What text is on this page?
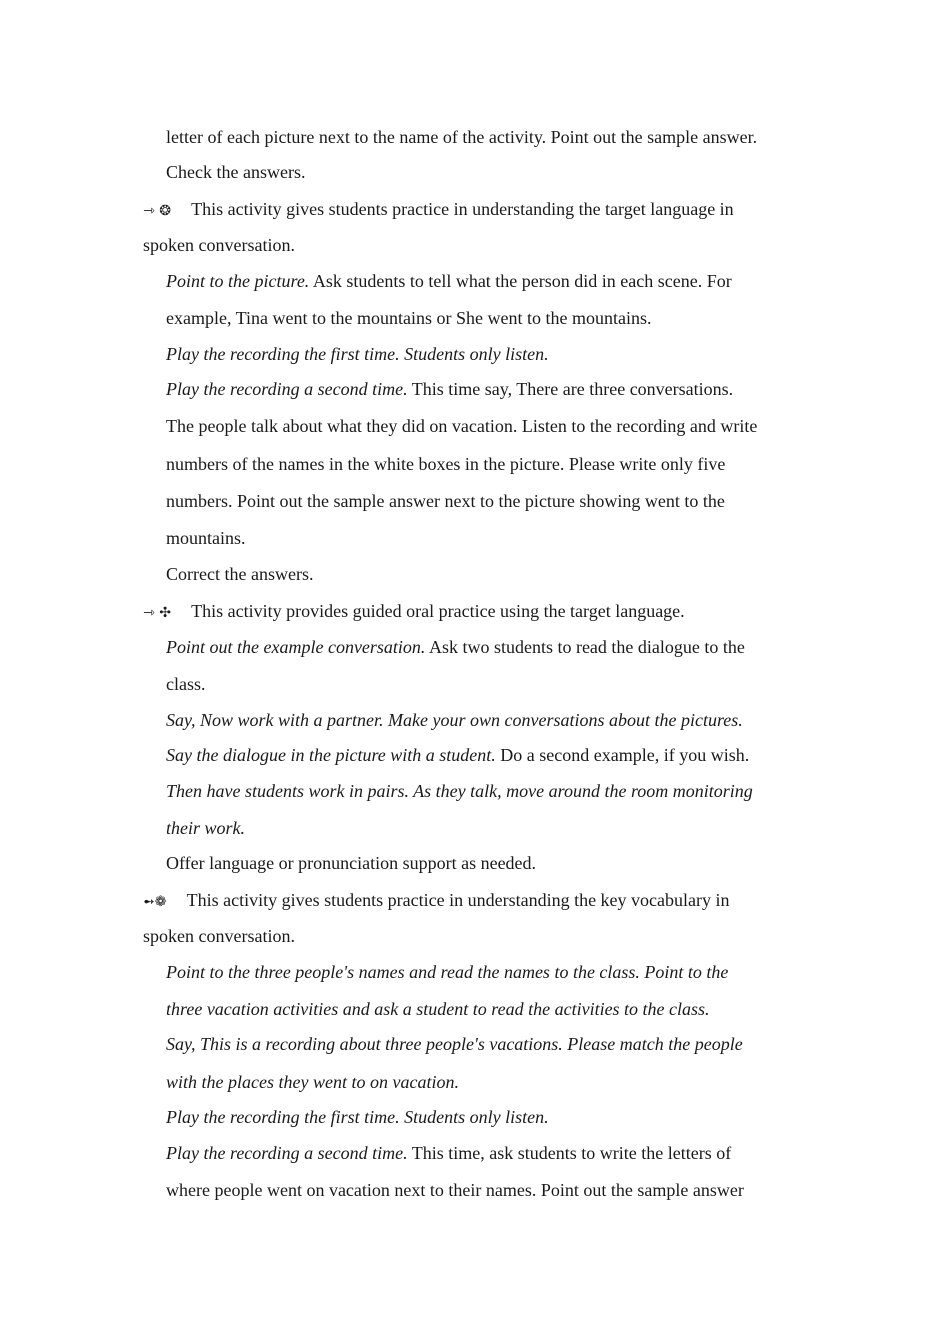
letter of each picture next to the name of the activity. Point out the sample answer.
Check the answers.
⇾ ❂ This activity gives students practice in understanding the target language in
spoken conversation.
Point to the picture. Ask students to tell what the person did in each scene. For
example, Tina went to the mountains or She went to the mountains.
Play the recording the first time. Students only listen.
Play the recording a second time. This time say, There are three conversations.
The people talk about what they did on vacation. Listen to the recording and write
numbers of the names in the white boxes in the picture. Please write only five
numbers. Point out the sample answer next to the picture showing went to the
mountains.
Correct the answers.
⇾ ✣ This activity provides guided oral practice using the target language.
Point out the example conversation. Ask two students to read the dialogue to the
class.
Say, Now work with a partner. Make your own conversations about the pictures.
Say the dialogue in the picture with a student. Do a second example, if you wish.
Then have students work in pairs. As they talk, move around the room monitoring
their work.
Offer language or pronunciation support as needed.
➻❁ This activity gives students practice in understanding the key vocabulary in
spoken conversation.
Point to the three people's names and read the names to the class. Point to the
three vacation activities and ask a student to read the activities to the class.
Say, This is a recording about three people's vacations. Please match the people
with the places they went to on vacation.
Play the recording the first time. Students only listen.
Play the recording a second time. This time, ask students to write the letters of
where people went on vacation next to their names. Point out the sample answer
